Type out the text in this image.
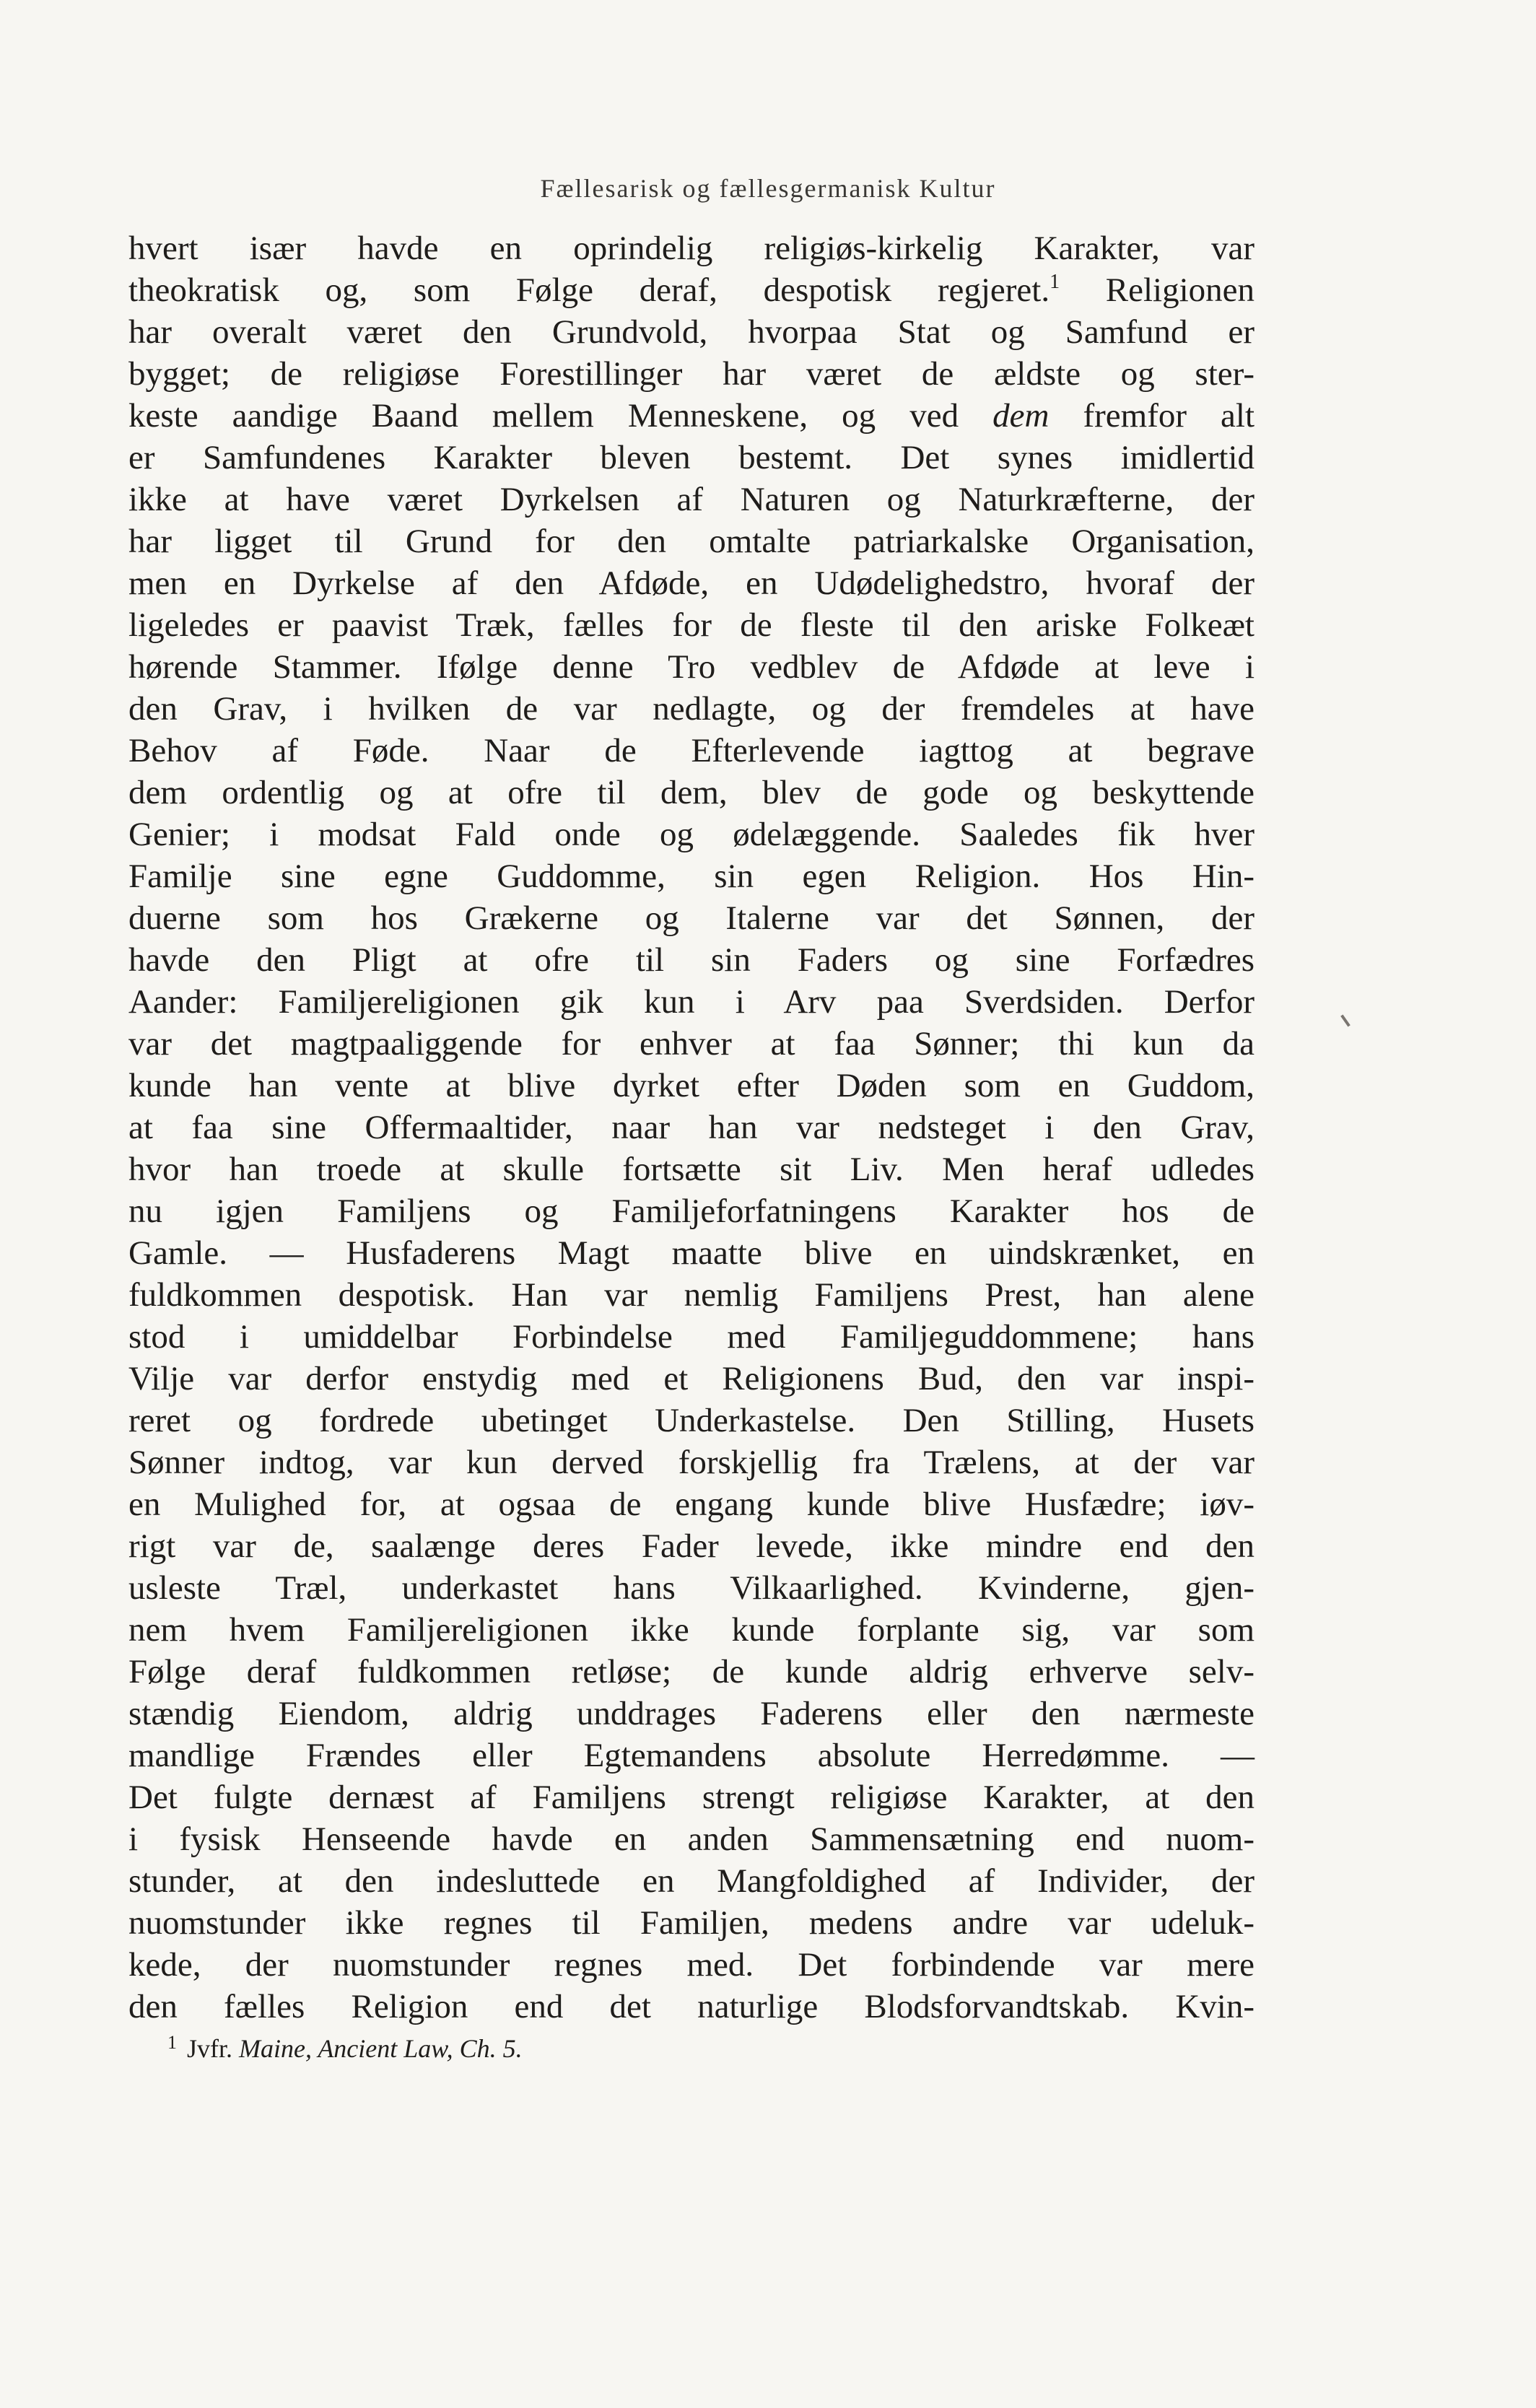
Fællesarisk og fællesgermanisk Kultur
hvert især havde en oprindelig religiøs-kirkelig Karakter, var
theokratisk og, som Følge deraf, despotisk regjeret.$^1$ Religionen
har overalt været den Grundvold, hvorpaa Stat og Samfund er
bygget; de religiøse Forestillinger har været de ældste og ster-
keste aandige Baand mellem Menneskene, og ved dem fremfor alt
er Samfundenes Karakter bleven bestemt. Det synes imidlertid
ikke at have været Dyrkelsen af Naturen og Naturkræfterne, der
har ligget til Grund for den omtalte patriarkalske Organisation,
men en Dyrkelse af den Afdøde, en Udødelighedstro, hvoraf der
ligeledes er paavist Træk, fælles for de fleste til den ariske Folkeæt
hørende Stammer. Ifølge denne Tro vedblev de Afdøde at leve i
den Grav, i hvilken de var nedlagte, og der fremdeles at have
Behov af Føde. Naar de Efterlevende iagttog at begrave
dem ordentlig og at ofre til dem, blev de gode og beskyttende
Genier; i modsat Fald onde og ødelæggende. Saaledes fik hver
Familje sine egne Guddomme, sin egen Religion. Hos Hin-
duerne som hos Grækerne og Italerne var det Sønnen, der
havde den Pligt at ofre til sin Faders og sine Forfædres
Aander: Familjereligionen gik kun i Arv paa Sverdsiden. Derfor
var det magtpaaliggende for enhver at faa Sønner; thi kun da
kunde han vente at blive dyrket efter Døden som en Guddom,
at faa sine Offermaaltider, naar han var nedsteget i den Grav,
hvor han troede at skulle fortsætte sit Liv. Men heraf udledes
nu igjen Familjens og Familjeforfatningens Karakter hos de
Gamle. — Husfaderens Magt maatte blive en uindskrænket, en
fuldkommen despotisk. Han var nemlig Familjens Prest, han alene
stod i umiddelbar Forbindelse med Familjeguddommene; hans
Vilje var derfor enstydig med et Religionens Bud, den var inspi-
reret og fordrede ubetinget Underkastelse. Den Stilling, Husets
Sønner indtog, var kun derved forskjellig fra Trælens, at der var
en Mulighed for, at ogsaa de engang kunde blive Husfædre; iøv-
rigt var de, saalænge deres Fader levede, ikke mindre end den
usleste Træl, underkastet hans Vilkaarlighed. Kvinderne, gjen-
nem hvem Familjereligionen ikke kunde forplante sig, var som
Følge deraf fuldkommen retløse; de kunde aldrig erhverve selv-
stændig Eiendom, aldrig unddrages Faderens eller den nærmeste
mandlige Frændes eller Egtemandens absolute Herredømme. —
Det fulgte dernæst af Familjens strengt religiøse Karakter, at den
i fysisk Henseende havde en anden Sammensætning end nuom-
stunder, at den indesluttede en Mangfoldighed af Individer, der
nuomstunder ikke regnes til Familjen, medens andre var udeluk-
kede, der nuomstunder regnes med. Det forbindende var mere
den fælles Religion end det naturlige Blodsforvandtskab. Kvin-
$^1$ Jvfr. Maine, Ancient Law, Ch. 5.
